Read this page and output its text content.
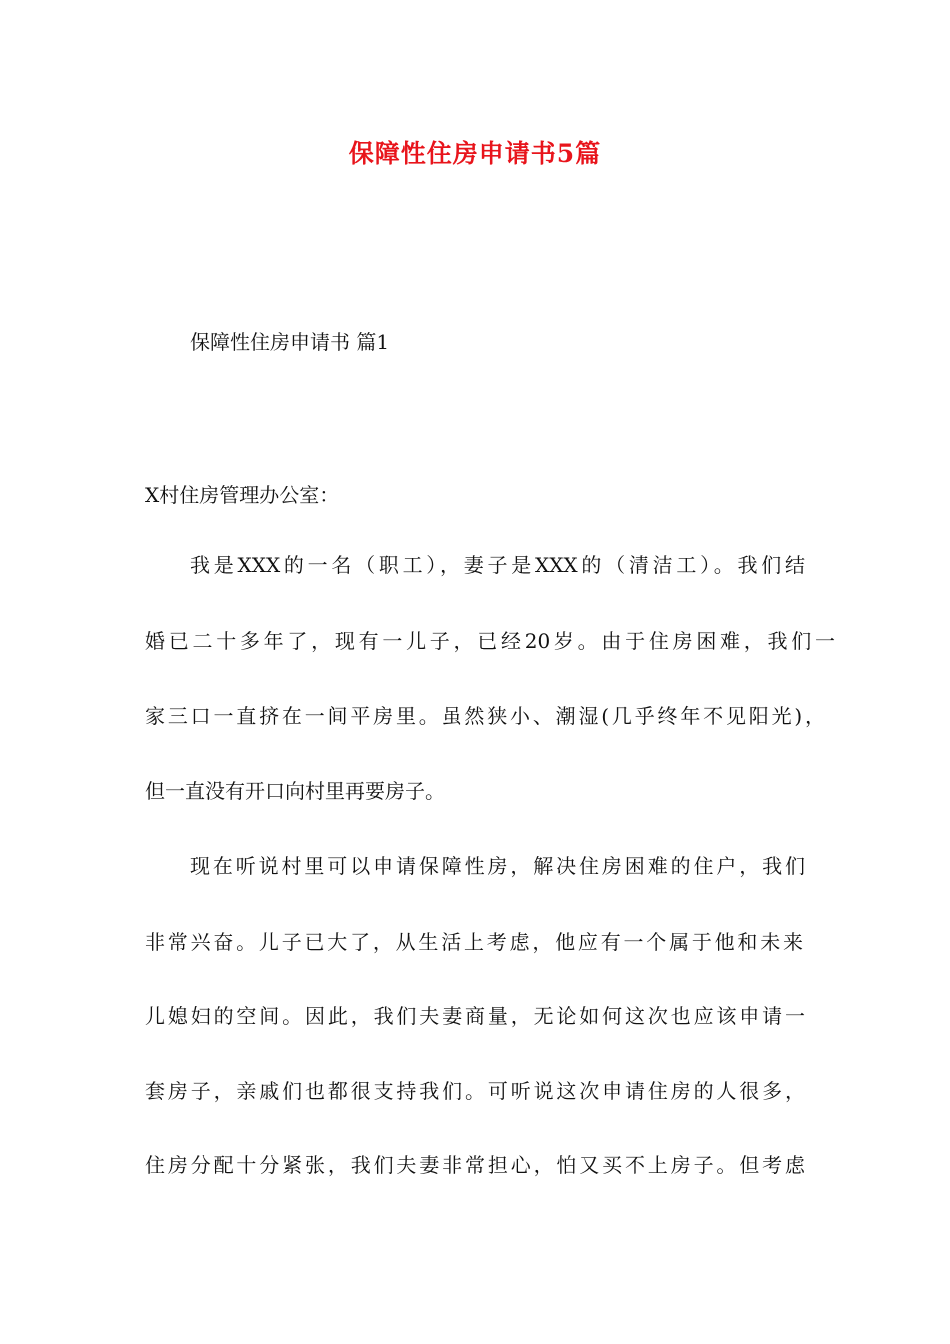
保障性住房申请书5篇
保障性住房申请书 篇1
X村住房管理办公室：
我是XXX的一名（职工），妻子是XXX的（清洁工）。我们结
婚已二十多年了，现有一儿子，已经20岁。由于住房困难，我们一
家三口一直挤在一间平房里。虽然狭小、潮湿(几乎终年不见阳光)，
但一直没有开口向村里再要房子。
现在听说村里可以申请保障性房，解决住房困难的住户，我们
非常兴奋。儿子已大了，从生活上考虑，他应有一个属于他和未来
儿媳妇的空间。因此，我们夫妻商量，无论如何这次也应该申请一
套房子，亲戚们也都很支持我们。可听说这次申请住房的人很多，
住房分配十分紧张，我们夫妻非常担心，怕又买不上房子。但考虑
